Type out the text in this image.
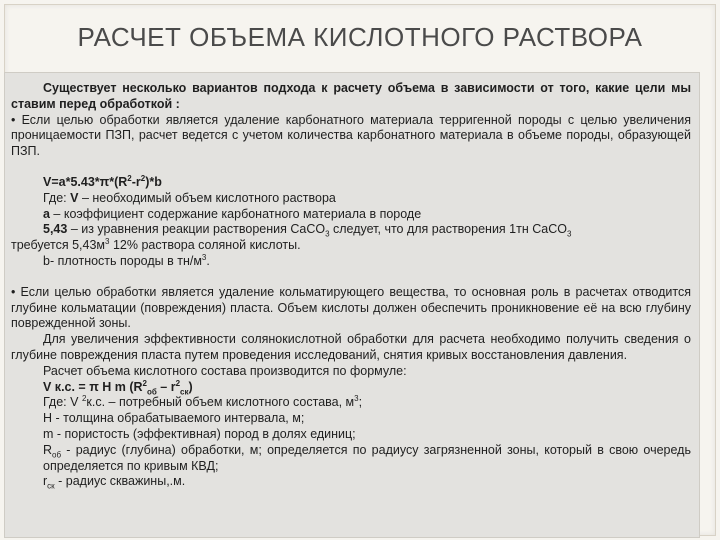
РАСЧЕТ ОБЪЕМА КИСЛОТНОГО РАСТВОРА

Существует несколько вариантов подхода к расчету объема в зависимости от того, какие цели мы ставим перед обработкой :

• Если целью обработки является удаление карбонатного материала терригенной породы с целью увеличения проницаемости ПЗП, расчет ведется с учетом количества карбонатного материала в объеме породы, образующей ПЗП.

$V=a*5.43*\pi*(R^2-r^2)*b$

Где: V – необходимый объем кислотного раствора

a – коэффициент содержание карбонатного материала в породе

5,43 – из уравнения реакции растворения CaCO$_3$ следует, что для растворения 1тн CaCO$_3$

требуется $5,43м^3$ 12% раствора соляной кислоты.

b- плотность породы в $тн/м^3$.

• Если целью обработки является удаление кольматирующего вещества, то основная роль в расчетах отводится глубине кольматации (повреждения) пласта. Объем кислоты должен обеспечить проникновение её на всю глубину поврежденной зоны.

Для увеличения эффективности солянокислотной обработки для расчета необходимо получить сведения о глубине повреждения пласта путем проведения исследований, снятия кривых восстановления давления.

Расчет объема кислотного состава производится по формуле:

V к.с. = π H m $(R^2_{об} - r^2_{ск})$

Где: V $^2$к.с. – потребный объем кислотного состава, $м^3$;

H - толщина обрабатываемого интервала, м;

m - пористость (эффективная) пород в долях единиц;

$R_{об}$ - радиус (глубина) обработки, м; определяется по радиусу загрязненной зоны, который в свою очередь определяется по кривым КВД;

$r_{ск}$ - радиус скважины,.м.
